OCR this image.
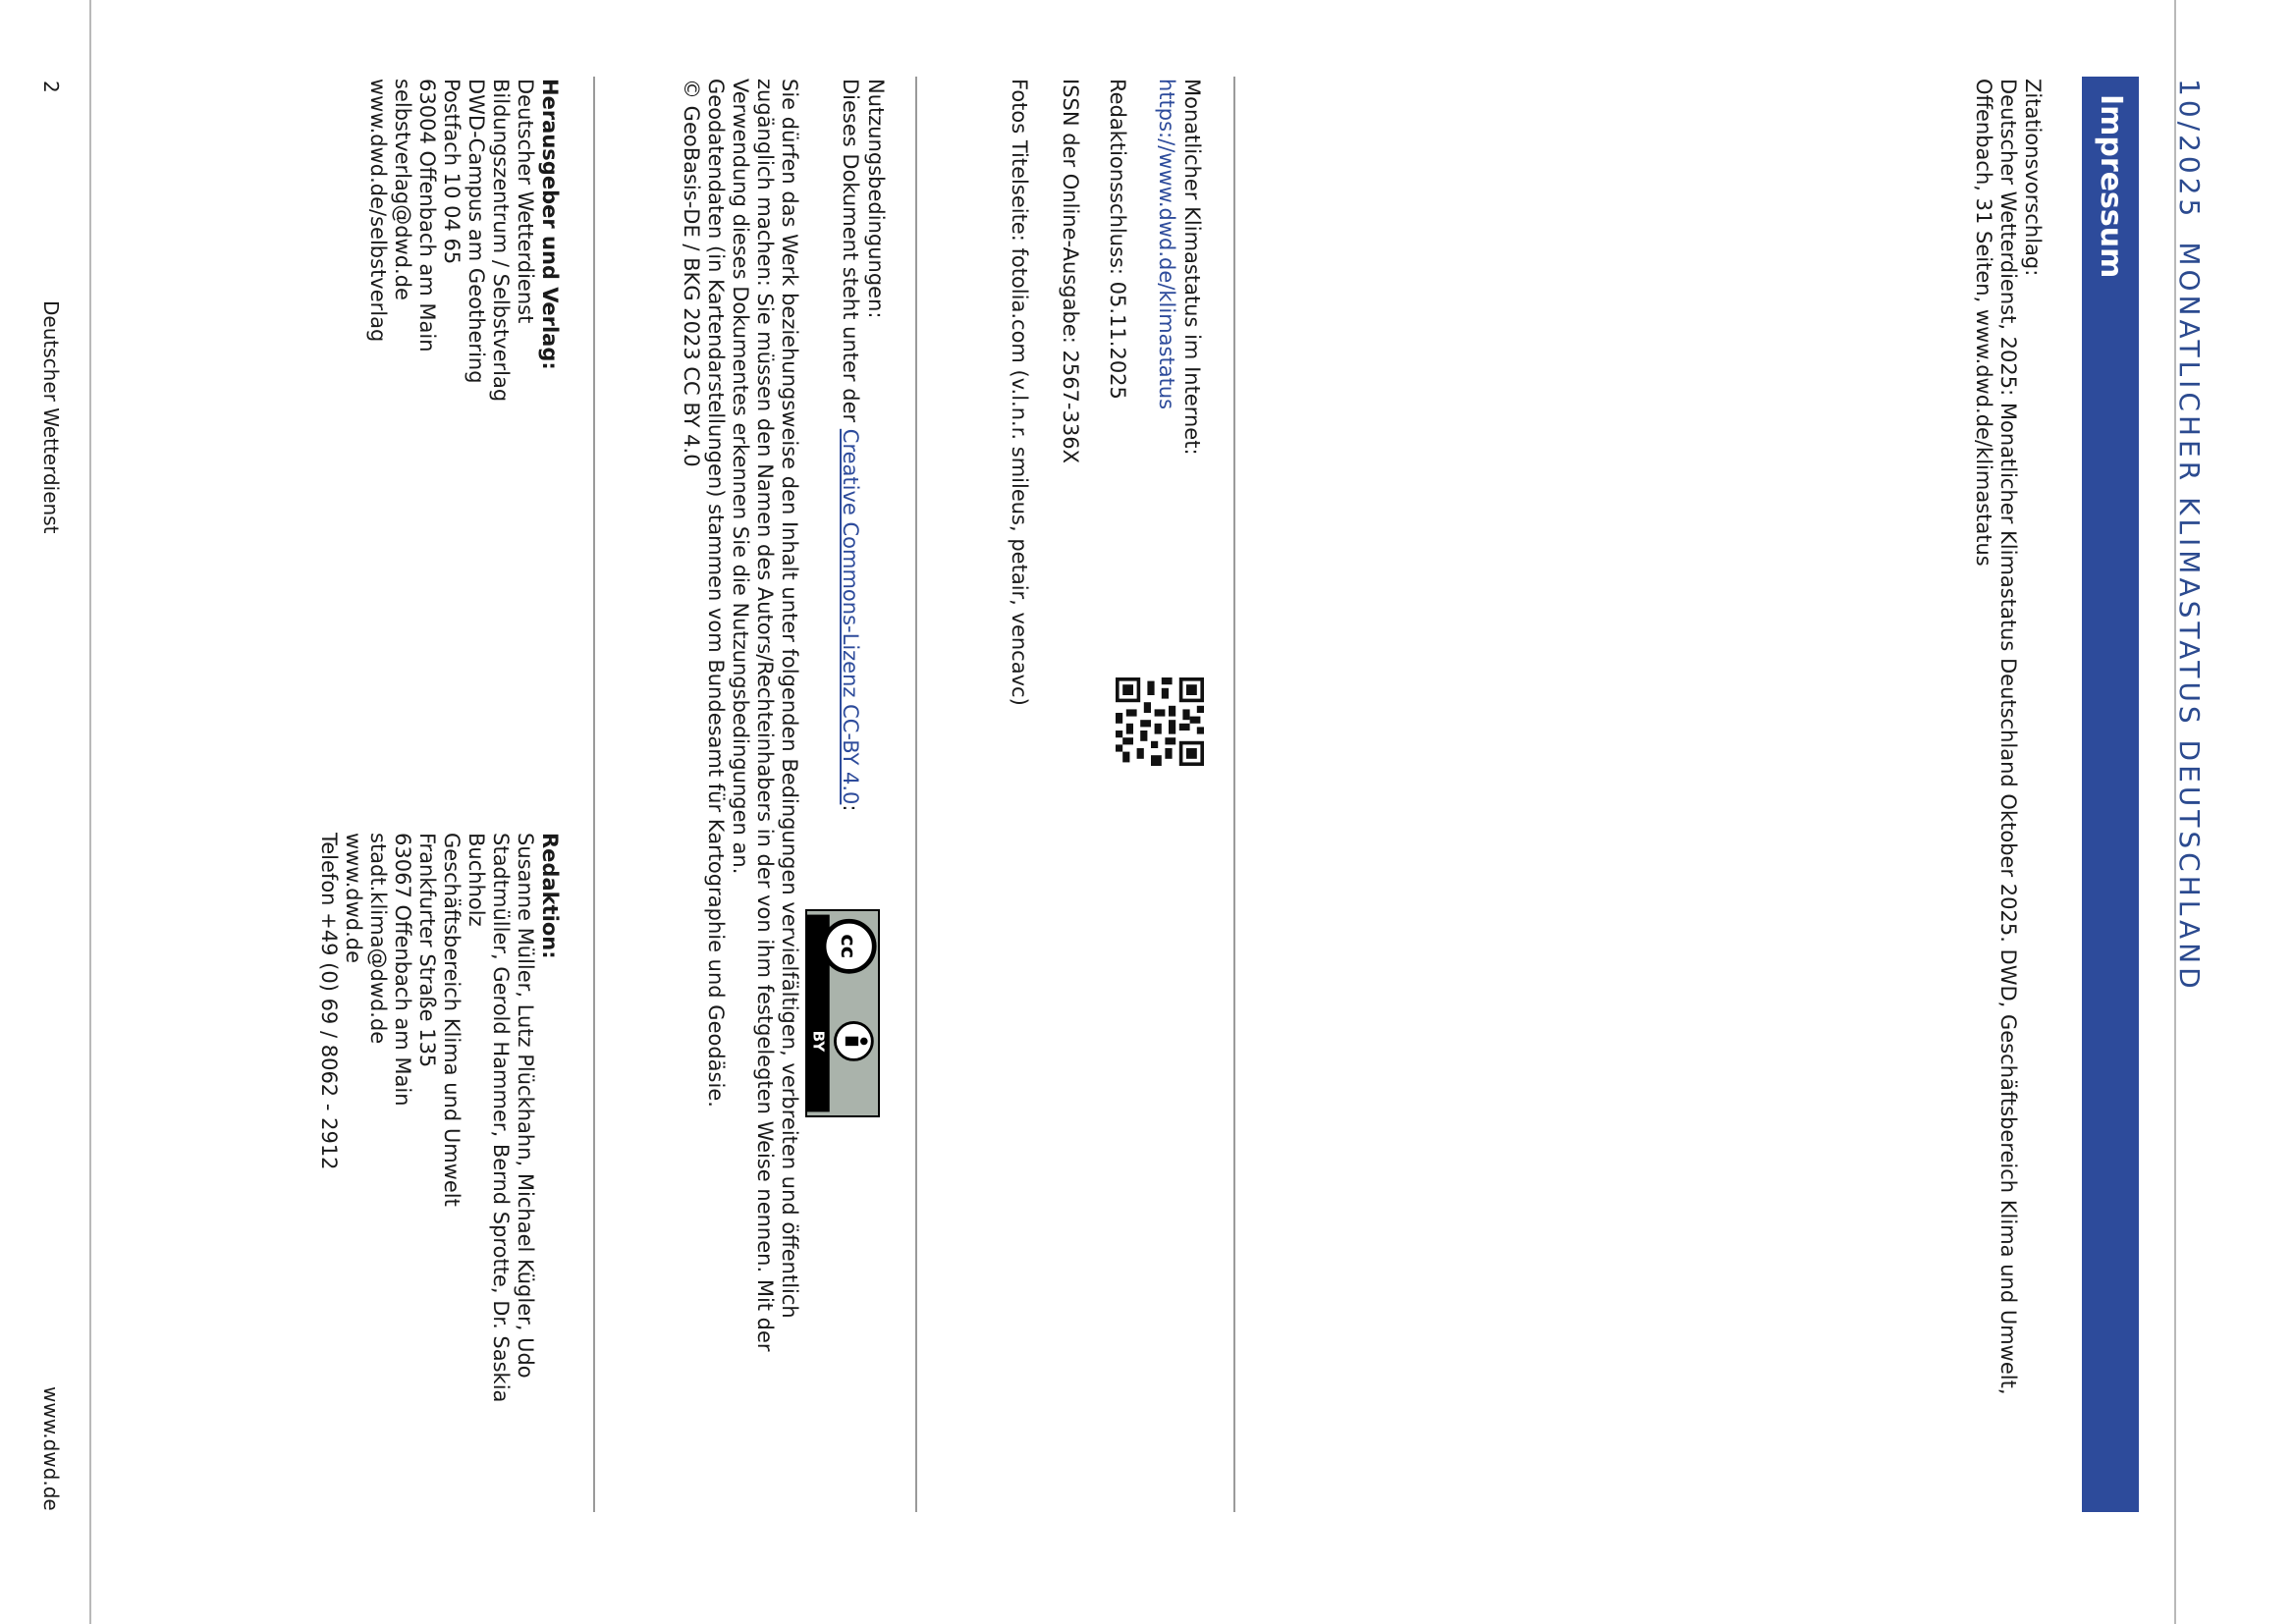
10/2025MONATLICHER KLIMASTATUS DEUTSCHLAND
Impressum
Zitationsvorschlag:
Deutscher Wetterdienst, 2025: Monatlicher Klimastatus Deutschland Oktober 2025. DWD, Geschäftsbereich Klima und Umwelt,
Offenbach, 31 Seiten, www.dwd.de/klimastatus
Monatlicher Klimastatus im Internet:
https://www.dwd.de/klimastatus
Redaktionsschluss: 05.11.2025
ISSN der Online-Ausgabe: 2567-336X
Fotos Titelseite: fotolia.com (v.l.n.r. smileus, petair, vencavc)
Nutzungsbedingungen:
Dieses Dokument steht unter der Creative Commons-Lizenz CC-BY 4.0:
cc
BY
Sie dürfen das Werk beziehungsweise den Inhalt unter folgenden Bedingungen vervielfältigen, verbreiten und öffentlich
zugänglich machen: Sie müssen den Namen des Autors/Rechteinhabers in der von ihm festgelegten Weise nennen. Mit der
Verwendung dieses Dokumentes erkennen Sie die Nutzungsbedingungen an.
Geodatendaten (in Kartendarstellungen) stammen vom Bundesamt für Kartographie und Geodäsie.
© GeoBasis-DE / BKG 2023 CC BY 4.0
Herausgeber und Verlag:
Deutscher Wetterdienst
Bildungszentrum / Selbstverlag
DWD-Campus am Geothering
Postfach 10 04 65
63004 Offenbach am Main
selbstverlag@dwd.de
www.dwd.de/selbstverlag
Redaktion:
Susanne Müller, Lutz Plückhahn, Michael Kügler, Udo
Stadtmüller, Gerold Hammer, Bernd Sprotte, Dr. Saskia
Buchholz
Geschäftsbereich Klima und Umwelt
Frankfurter Straße 135
63067 Offenbach am Main
stadt.klima@dwd.de
www.dwd.de
Telefon +49 (0) 69 / 8062 - 2912
2
Deutscher Wetterdienst
www.dwd.de
